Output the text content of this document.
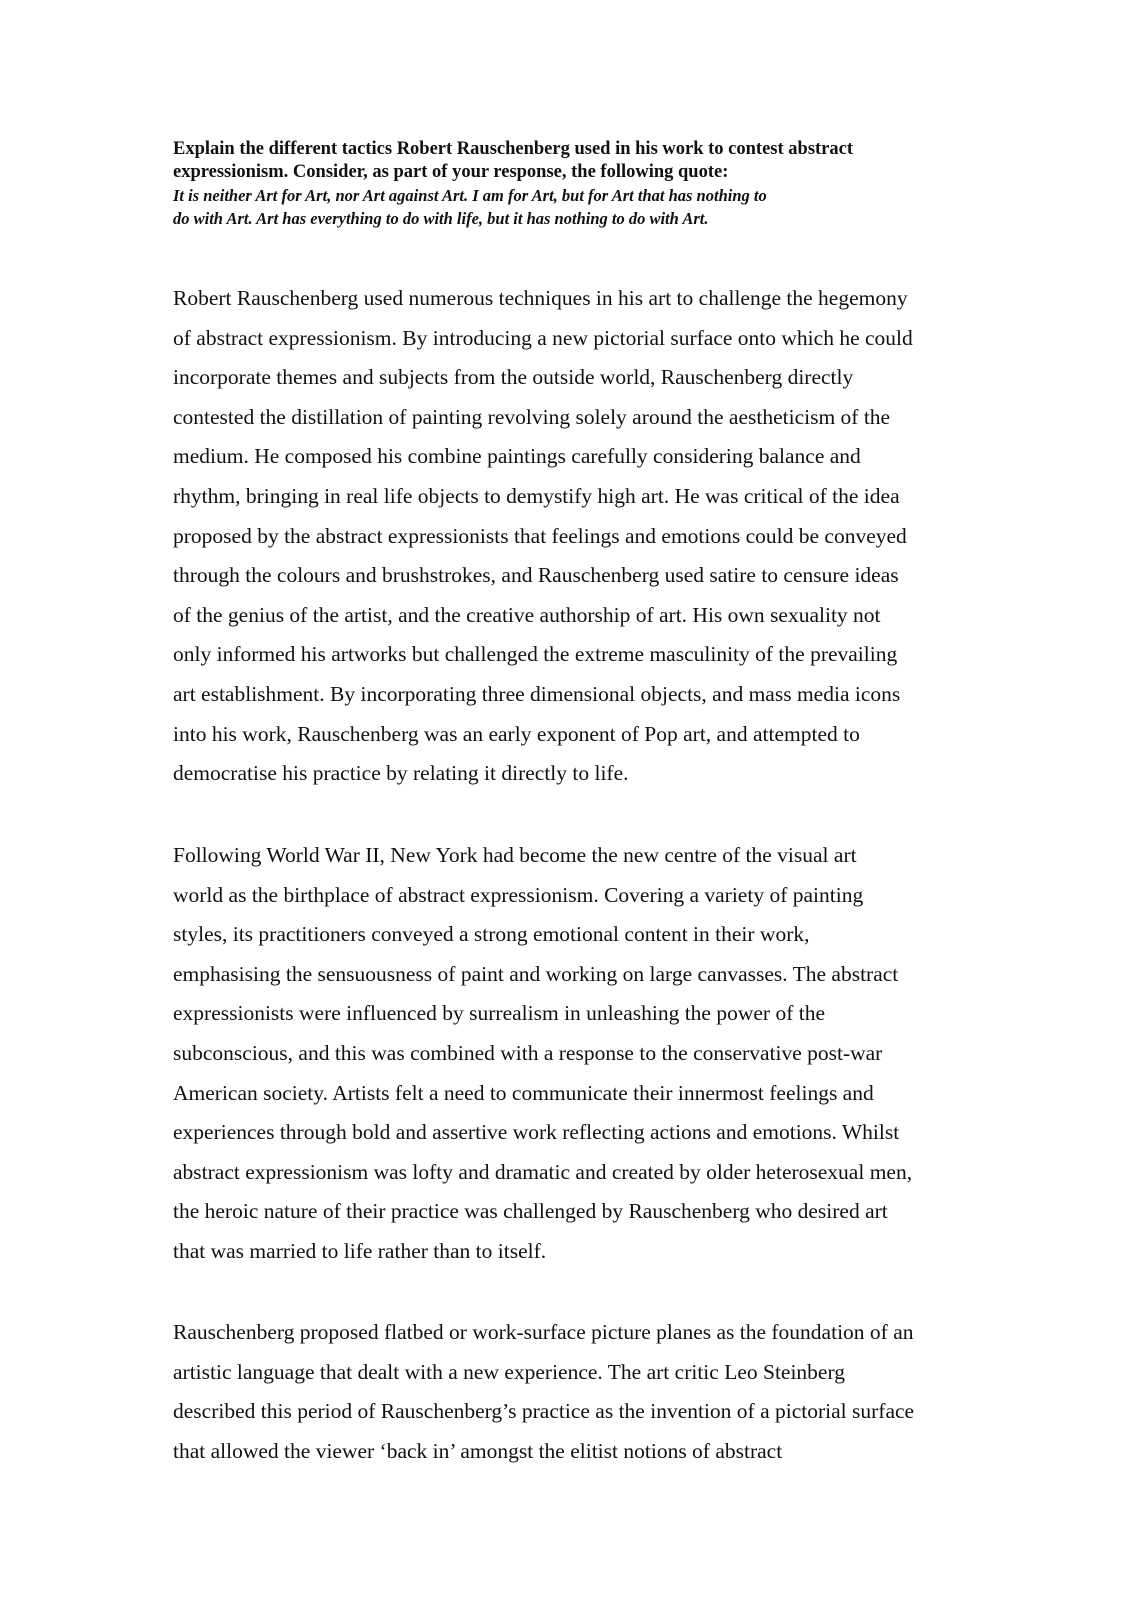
Explain the different tactics Robert Rauschenberg used in his work to contest abstract

expressionism. Consider, as part of your response, the following quote:

It is neither Art for Art, nor Art against Art. I am for Art, but for Art that has nothing to

do with Art. Art has everything to do with life, but it has nothing to do with Art.

Robert Rauschenberg used numerous techniques in his art to challenge the hegemony
of abstract expressionism. By introducing a new pictorial surface onto which he could
incorporate themes and subjects from the outside world, Rauschenberg directly
contested the distillation of painting revolving solely around the aestheticism of the
medium. He composed his combine paintings carefully considering balance and
rhythm, bringing in real life objects to demystify high art. He was critical of the idea
proposed by the abstract expressionists that feelings and emotions could be conveyed
through the colours and brushstrokes, and Rauschenberg used satire to censure ideas
of the genius of the artist, and the creative authorship of art. His own sexuality not
only informed his artworks but challenged the extreme masculinity of the prevailing
art establishment. By incorporating three dimensional objects, and mass media icons
into his work, Rauschenberg was an early exponent of Pop art, and attempted to
democratise his practice by relating it directly to life.
Following World War II, New York had become the new centre of the visual art
world as the birthplace of abstract expressionism. Covering a variety of painting
styles, its practitioners conveyed a strong emotional content in their work,
emphasising the sensuousness of paint and working on large canvasses. The abstract
expressionists were influenced by surrealism in unleashing the power of the
subconscious, and this was combined with a response to the conservative post-war
American society. Artists felt a need to communicate their innermost feelings and
experiences through bold and assertive work reflecting actions and emotions. Whilst
abstract expressionism was lofty and dramatic and created by older heterosexual men,
the heroic nature of their practice was challenged by Rauschenberg who desired art
that was married to life rather than to itself.
Rauschenberg proposed flatbed or work-surface picture planes as the foundation of an
artistic language that dealt with a new experience. The art critic Leo Steinberg
described this period of Rauschenberg’s practice as the invention of a pictorial surface
that allowed the viewer ‘back in’ amongst the elitist notions of abstract
